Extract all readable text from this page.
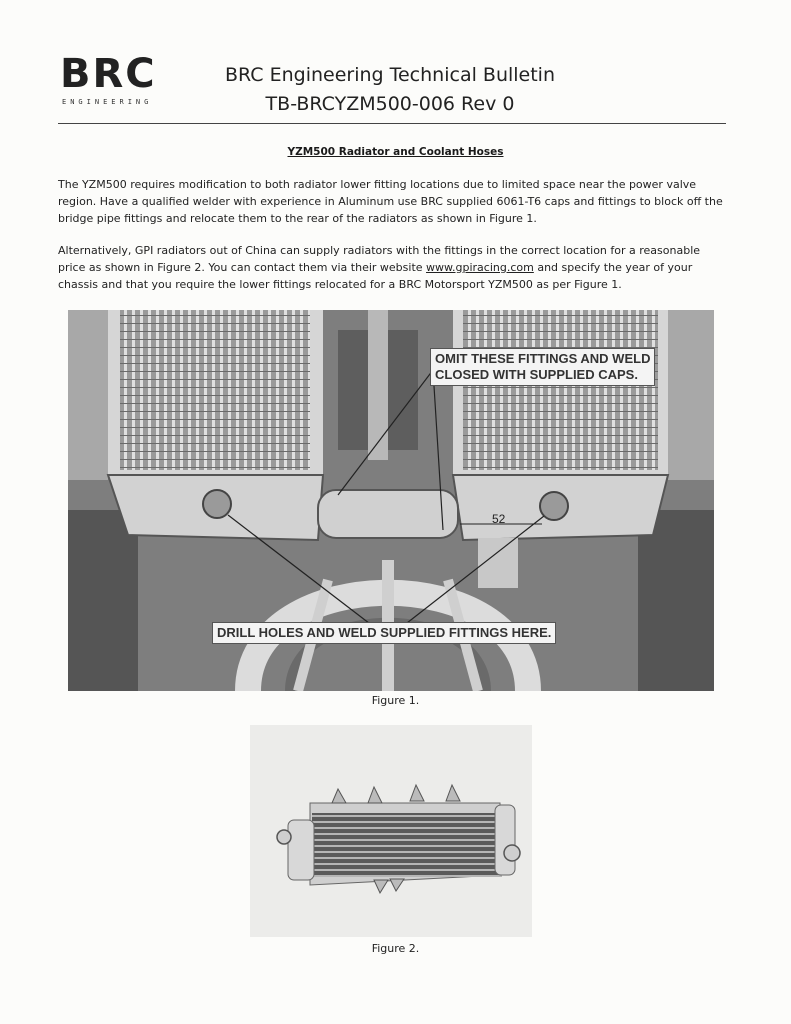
BRC
ENGINEERING
BRC Engineering Technical Bulletin
TB-BRCYZM500-006 Rev 0
YZM500 Radiator and Coolant Hoses
The YZM500 requires modification to both radiator lower fitting locations due to limited space near the power valve region. Have a qualified welder with experience in Aluminum use BRC supplied 6061-T6 caps and fittings to block off the bridge pipe fittings and relocate them to the rear of the radiators as shown in Figure 1.
Alternatively, GPI radiators out of China can supply radiators with the fittings in the correct location for a reasonable price as shown in Figure 2. You can contact them via their website www.gpiracing.com and specify the year of your chassis and that you require the lower fittings relocated for a BRC Motorsport YZM500 as per Figure 1.
OMIT THESE FITTINGS AND WELD
CLOSED WITH SUPPLIED CAPS.
DRILL HOLES AND WELD SUPPLIED FITTINGS HERE.
52
Figure 1.
Figure 2.
